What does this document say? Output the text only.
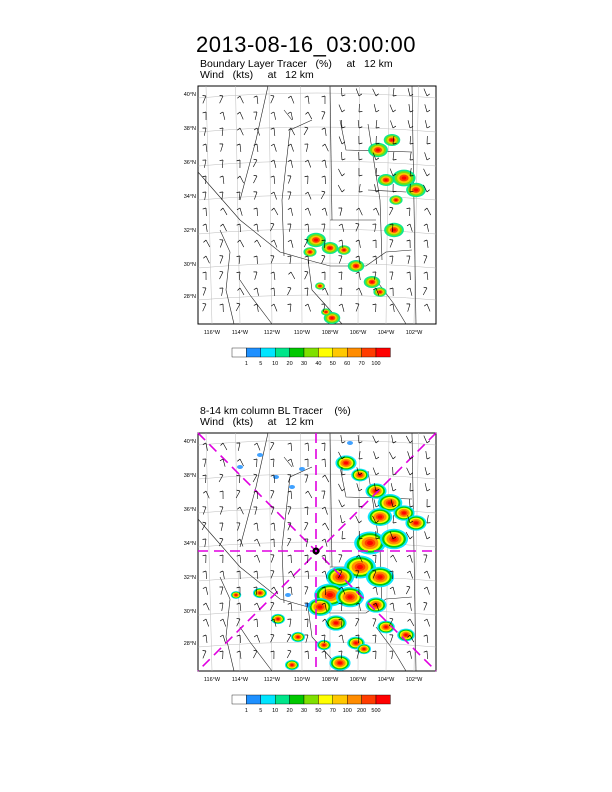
2013-08-16_03:00:00
Boundary Layer Tracer   (%)     at   12 km
Wind   (kts)     at   12 km
8-14 km column BL Tracer    (%)
Wind   (kts)     at   12 km
40°N
38°N
36°N
34°N
32°N
30°N
28°N
116°W 114°W	112°W	110°W 108°W 106°W 104°W 102°W
1 5 10 20 30 40 50 60 70 100
40°N
38°N
36°N
34°N
32°N
30°N
28°N
116°W 114°W	112°W	110°W 108°W 106°W 104°W 102°W
1 5 10 20 30 50 70 100 200 500
